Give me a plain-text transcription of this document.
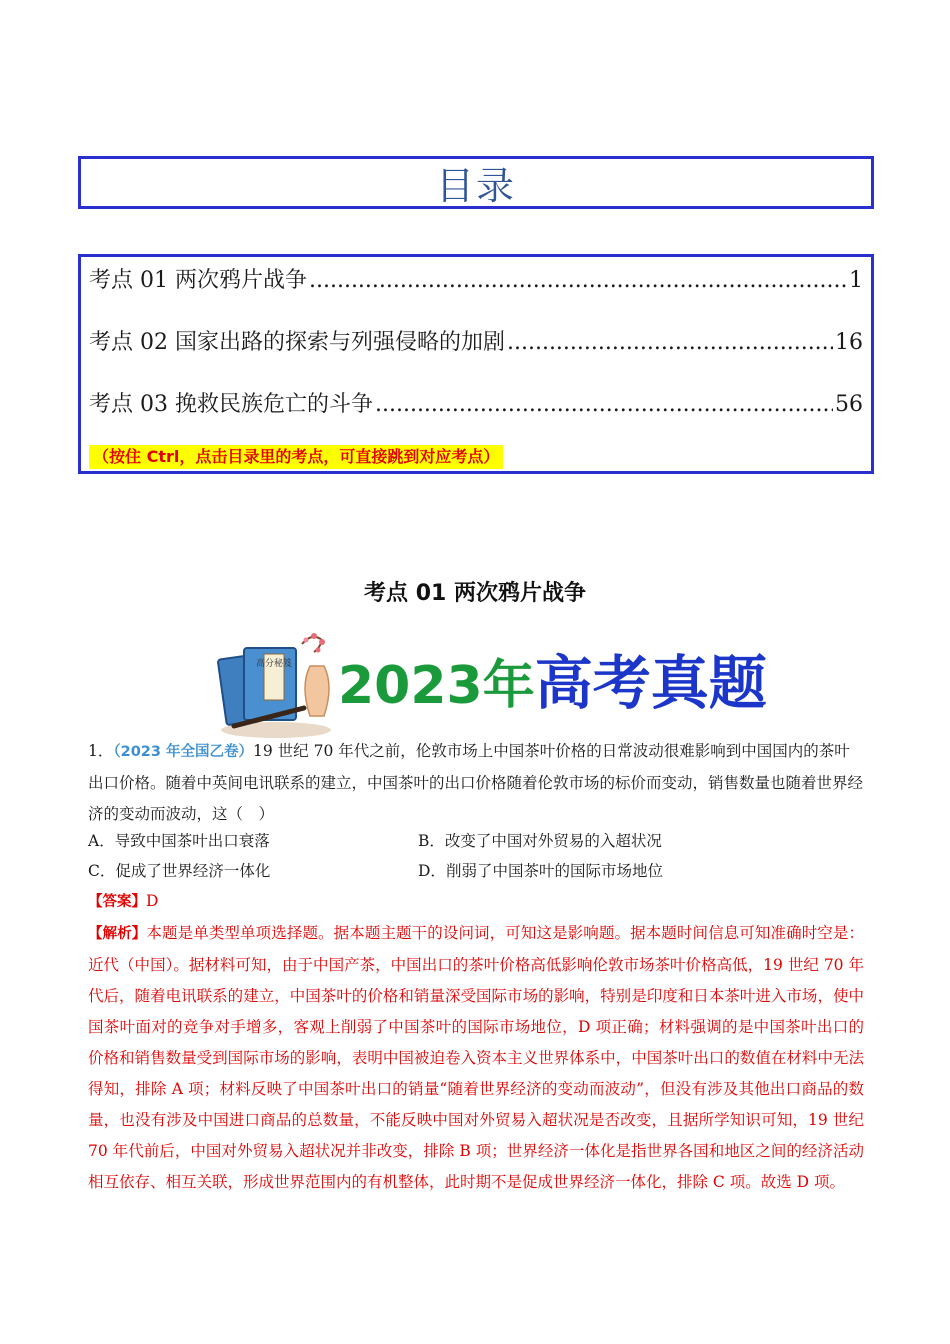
目录
考点 01 两次鸦片战争 .....	1
考点 02 国家出路的探索与列强侵略的加剧 .....	16
考点 03 挽救民族危亡的斗争 .....	56
（按住 Ctrl，点击目录里的考点，可直接跳到对应考点）
考点 01 两次鸦片战争
高分秘笈 2023年高考真题
1．（2023 年全国乙卷）19 世纪 70 年代之前，伦敦市场上中国茶叶价格的日常波动很难影响到中国国内的茶叶出口价格。随着中英间电讯联系的建立，中国茶叶的出口价格随着伦敦市场的标价而变动，销售数量也随着世界经济的变动而波动，这（　）
A．导致中国茶叶出口衰落	B．改变了中国对外贸易的入超状况
C．促成了世界经济一体化	D．削弱了中国茶叶的国际市场地位
【答案】D
【解析】本题是单类型单项选择题。据本题主题干的设问词，可知这是影响题。据本题时间信息可知准确时空是：近代（中国）。据材料可知，由于中国产茶，中国出口的茶叶价格高低影响伦敦市场茶叶价格高低，19 世纪 70 年代后，随着电讯联系的建立，中国茶叶的价格和销量深受国际市场的影响，特别是印度和日本茶叶进入市场，使中国茶叶面对的竞争对手增多，客观上削弱了中国茶叶的国际市场地位，D 项正确；材料强调的是中国茶叶出口的价格和销售数量受到国际市场的影响，表明中国被迫卷入资本主义世界体系中，中国茶叶出口的数值在材料中无法得知，排除 A 项；材料反映了中国茶叶出口的销量“随着世界经济的变动而波动”，但没有涉及其他出口商品的数量，也没有涉及中国进口商品的总数量，不能反映中国对外贸易入超状况是否改变，且据所学知识可知，19 世纪 70 年代前后，中国对外贸易入超状况并非改变，排除 B 项；世界经济一体化是指世界各国和地区之间的经济活动相互依存、相互关联，形成世界范围内的有机整体，此时期不是促成世界经济一体化，排除 C 项。故选 D 项。
